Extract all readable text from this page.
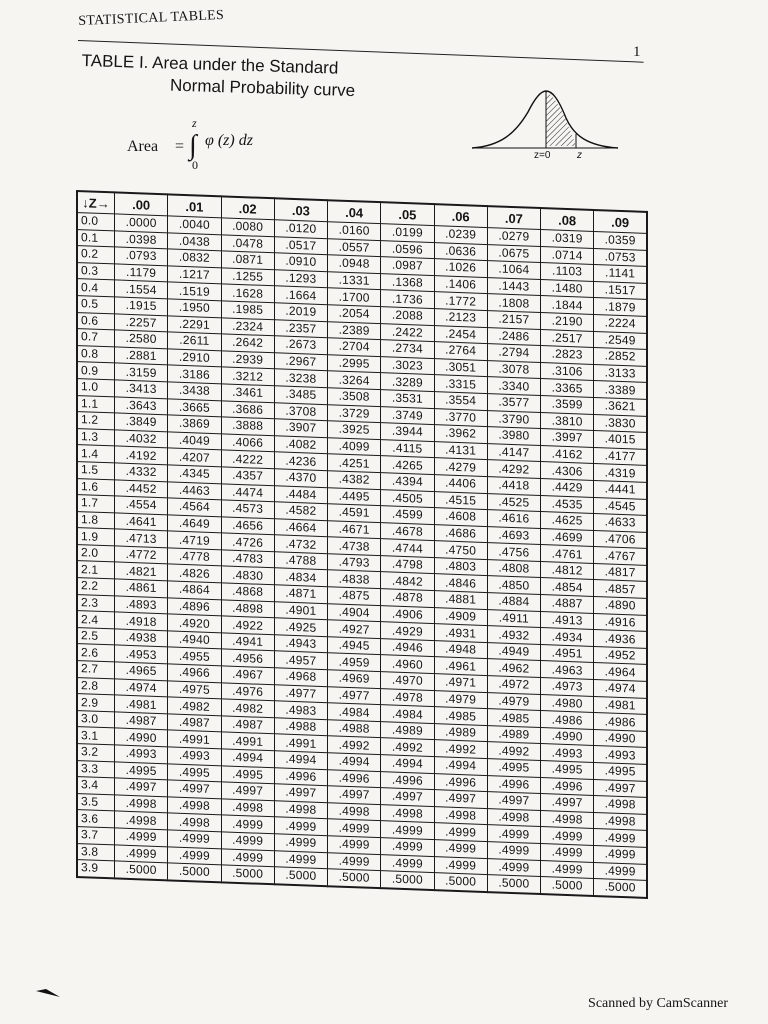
STATISTICAL TABLES
1
TABLE I. Area under the Standard
Normal Probability curve
Area =
z
∫ φ (z) dz
0
z=0	z
↓Z→	.00	.01	.02	.03	.04	.05	.06	.07	.08	.09
0.0	.0000	.0040	.0080	.0120	.0160	.0199	.0239	.0279	.0319	.0359
0.1	.0398	.0438	.0478	.0517	.0557	.0596	.0636	.0675	.0714	.0753
0.2	.0793	.0832	.0871	.0910	.0948	.0987	.1026	.1064	.1103	.1141
0.3	.1179	.1217	.1255	.1293	.1331	.1368	.1406	.1443	.1480	.1517
0.4	.1554	.1519	.1628	.1664	.1700	.1736	.1772	.1808	.1844	.1879
0.5	.1915	.1950	.1985	.2019	.2054	.2088	.2123	.2157	.2190	.2224
0.6	.2257	.2291	.2324	.2357	.2389	.2422	.2454	.2486	.2517	.2549
0.7	.2580	.2611	.2642	.2673	.2704	.2734	.2764	.2794	.2823	.2852
0.8	.2881	.2910	.2939	.2967	.2995	.3023	.3051	.3078	.3106	.3133
0.9	.3159	.3186	.3212	.3238	.3264	.3289	.3315	.3340	.3365	.3389
1.0	.3413	.3438	.3461	.3485	.3508	.3531	.3554	.3577	.3599	.3621
1.1	.3643	.3665	.3686	.3708	.3729	.3749	.3770	.3790	.3810	.3830
1.2	.3849	.3869	.3888	.3907	.3925	.3944	.3962	.3980	.3997	.4015
1.3	.4032	.4049	.4066	.4082	.4099	.4115	.4131	.4147	.4162	.4177
1.4	.4192	.4207	.4222	.4236	.4251	.4265	.4279	.4292	.4306	.4319
1.5	.4332	.4345	.4357	.4370	.4382	.4394	.4406	.4418	.4429	.4441
1.6	.4452	.4463	.4474	.4484	.4495	.4505	.4515	.4525	.4535	.4545
1.7	.4554	.4564	.4573	.4582	.4591	.4599	.4608	.4616	.4625	.4633
1.8	.4641	.4649	.4656	.4664	.4671	.4678	.4686	.4693	.4699	.4706
1.9	.4713	.4719	.4726	.4732	.4738	.4744	.4750	.4756	.4761	.4767
2.0	.4772	.4778	.4783	.4788	.4793	.4798	.4803	.4808	.4812	.4817
2.1	.4821	.4826	.4830	.4834	.4838	.4842	.4846	.4850	.4854	.4857
2.2	.4861	.4864	.4868	.4871	.4875	.4878	.4881	.4884	.4887	.4890
2.3	.4893	.4896	.4898	.4901	.4904	.4906	.4909	.4911	.4913	.4916
2.4	.4918	.4920	.4922	.4925	.4927	.4929	.4931	.4932	.4934	.4936
2.5	.4938	.4940	.4941	.4943	.4945	.4946	.4948	.4949	.4951	.4952
2.6	.4953	.4955	.4956	.4957	.4959	.4960	.4961	.4962	.4963	.4964
2.7	.4965	.4966	.4967	.4968	.4969	.4970	.4971	.4972	.4973	.4974
2.8	.4974	.4975	.4976	.4977	.4977	.4978	.4979	.4979	.4980	.4981
2.9	.4981	.4982	.4982	.4983	.4984	.4984	.4985	.4985	.4986	.4986
3.0	.4987	.4987	.4987	.4988	.4988	.4989	.4989	.4989	.4990	.4990
3.1	.4990	.4991	.4991	.4991	.4992	.4992	.4992	.4992	.4993	.4993
3.2	.4993	.4993	.4994	.4994	.4994	.4994	.4994	.4995	.4995	.4995
3.3	.4995	.4995	.4995	.4996	.4996	.4996	.4996	.4996	.4996	.4997
3.4	.4997	.4997	.4997	.4997	.4997	.4997	.4997	.4997	.4997	.4998
3.5	.4998	.4998	.4998	.4998	.4998	.4998	.4998	.4998	.4998	.4998
3.6	.4998	.4998	.4999	.4999	.4999	.4999	.4999	.4999	.4999	.4999
3.7	.4999	.4999	.4999	.4999	.4999	.4999	.4999	.4999	.4999	.4999
3.8	.4999	.4999	.4999	.4999	.4999	.4999	.4999	.4999	.4999	.4999
3.9	.5000	.5000	.5000	.5000	.5000	.5000	.5000	.5000	.5000	.5000
Scanned by CamScanner
